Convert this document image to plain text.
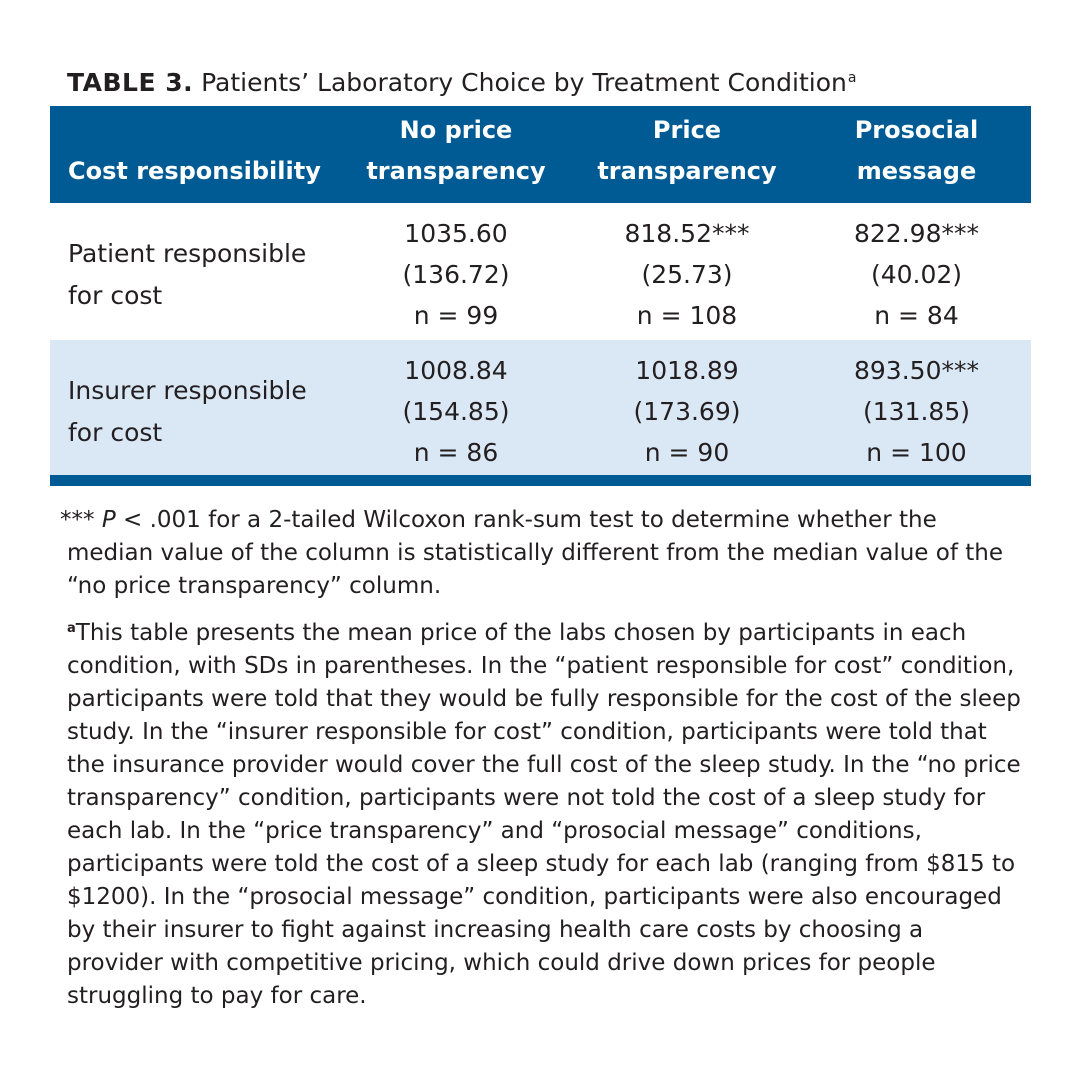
TABLE 3. Patients’ Laboratory Choice by Treatment Condition$^a$
Cost responsibility
No price
transparency
Price
transparency
Prosocial
message
Patient responsible
for cost
1035.60
(136.72)
n = 99
818.52***
(25.73)
n = 108
822.98***
(40.02)
n = 84
Insurer responsible
for cost
1008.84
(154.85)
n = 86
1018.89
(173.69)
n = 90
893.50***
(131.85)
n = 100
*** P < .001 for a 2-tailed Wilcoxon rank-sum test to determine whether the median value of the column is statistically different from the median value of the “no price transparency” column.
$^a$This table presents the mean price of the labs chosen by participants in each condition, with SDs in parentheses. In the “patient responsible for cost” condition, participants were told that they would be fully responsible for the cost of the sleep study. In the “insurer responsible for cost” condition, participants were told that the insurance provider would cover the full cost of the sleep study. In the “no price transparency” condition, participants were not told the cost of a sleep study for each lab. In the “price transparency” and “prosocial message” conditions, participants were told the cost of a sleep study for each lab (ranging from $815 to $1200). In the “prosocial message” condition, participants were also encouraged by their insurer to fight against increasing health care costs by choosing a provider with competitive pricing, which could drive down prices for people struggling to pay for care.
